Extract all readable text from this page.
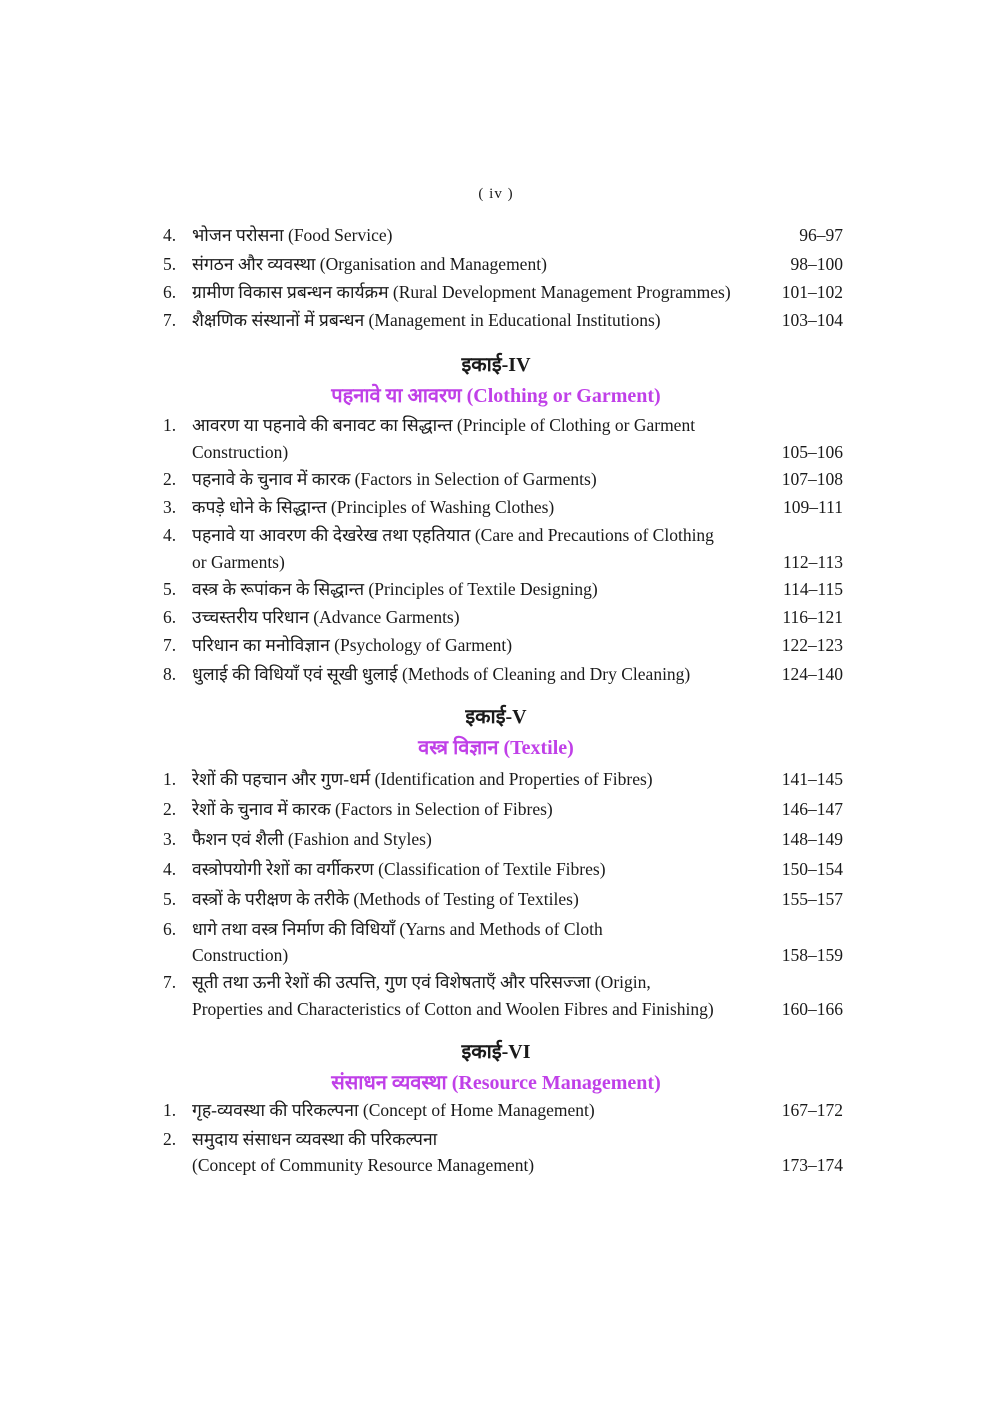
( iv )
4. भोजन परोसना (Food Service)	96–97
5. संगठन और व्यवस्था (Organisation and Management)	98–100
6. ग्रामीण विकास प्रबन्धन कार्यक्रम (Rural Development Management Programmes)	101–102
7. शैक्षणिक संस्थानों में प्रबन्धन (Management in Educational Institutions)	103–104
इकाई-IV
पहनावे या आवरण (Clothing or Garment)
1. आवरण या पहनावे की बनावट का सिद्धान्त (Principle of Clothing or Garment
Construction)	105–106
2. पहनावे के चुनाव में कारक (Factors in Selection of Garments)	107–108
3. कपड़े धोने के सिद्धान्त (Principles of Washing Clothes)	109–111
4. पहनावे या आवरण की देखरेख तथा एहतियात (Care and Precautions of Clothing
or Garments)	112–113
5. वस्त्र के रूपांकन के सिद्धान्त (Principles of Textile Designing)	114–115
6. उच्चस्तरीय परिधान (Advance Garments)	116–121
7. परिधान का मनोविज्ञान (Psychology of Garment)	122–123
8. धुलाई की विधियाँ एवं सूखी धुलाई (Methods of Cleaning and Dry Cleaning)	124–140
इकाई-V
वस्त्र विज्ञान (Textile)
1. रेशों की पहचान और गुण-धर्म (Identification and Properties of Fibres)	141–145
2. रेशों के चुनाव में कारक (Factors in Selection of Fibres)	146–147
3. फैशन एवं शैली (Fashion and Styles)	148–149
4. वस्त्रोपयोगी रेशों का वर्गीकरण (Classification of Textile Fibres)	150–154
5. वस्त्रों के परीक्षण के तरीके (Methods of Testing of Textiles)	155–157
6. धागे तथा वस्त्र निर्माण की विधियाँ (Yarns and Methods of Cloth
Construction)	158–159
7. सूती तथा ऊनी रेशों की उत्पत्ति, गुण एवं विशेषताएँ और परिसज्जा (Origin,
Properties and Characteristics of Cotton and Woolen Fibres and Finishing)	160–166
इकाई-VI
संसाधन व्यवस्था (Resource Management)
1. गृह-व्यवस्था की परिकल्पना (Concept of Home Management)	167–172
2. समुदाय संसाधन व्यवस्था की परिकल्पना
(Concept of Community Resource Management)	173–174
